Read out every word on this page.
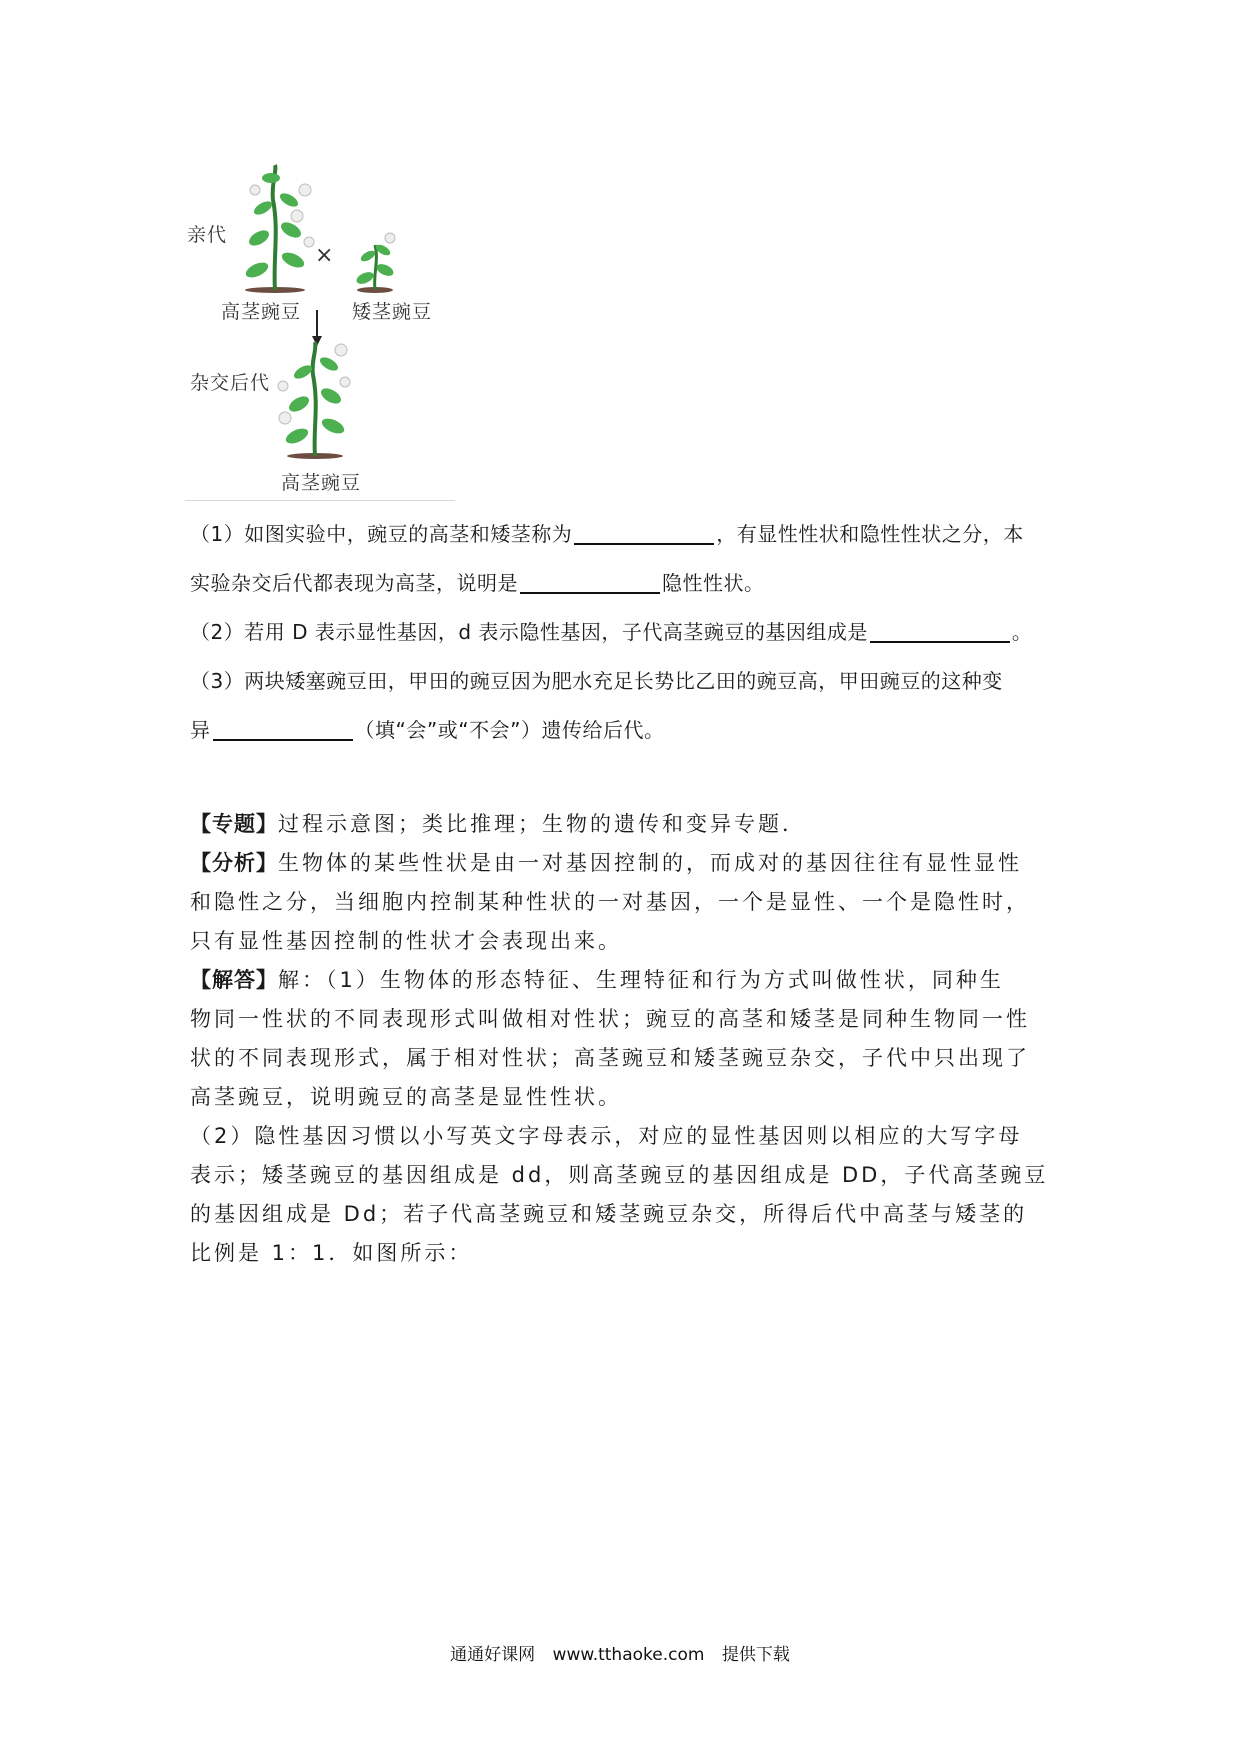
亲代
×
高茎豌豆	矮茎豌豆
杂交后代
高茎豌豆

（1）如图实验中，豌豆的高茎和矮茎称为	，有显性性状和隐性性状之分，本

实验杂交后代都表现为高茎，说明是	隐性性状。

（2）若用 D 表示显性基因，d 表示隐性基因，子代高茎豌豆的基因组成是	。

（3）两块矮塞豌豆田，甲田的豌豆因为肥水充足长势比乙田的豌豆高，甲田豌豆的这种变

异	（填“会”或“不会”）遗传给后代。

【专题】过程示意图；类比推理；生物的遗传和变异专题．

【分析】生物体的某些性状是由一对基因控制的，而成对的基因往往有显性显性

和隐性之分，当细胞内控制某种性状的一对基因，一个是显性、一个是隐性时，

只有显性基因控制的性状才会表现出来。

【解答】解：（1）生物体的形态特征、生理特征和行为方式叫做性状，同种生

物同一性状的不同表现形式叫做相对性状；豌豆的高茎和矮茎是同种生物同一性

状的不同表现形式，属于相对性状；高茎豌豆和矮茎豌豆杂交，子代中只出现了

高茎豌豆，说明豌豆的高茎是显性性状。

（2）隐性基因习惯以小写英文字母表示，对应的显性基因则以相应的大写字母

表示；矮茎豌豆的基因组成是 dd，则高茎豌豆的基因组成是 DD，子代高茎豌豆

的基因组成是 Dd；若子代高茎豌豆和矮茎豌豆杂交，所得后代中高茎与矮茎的

比例是 1：1．如图所示：

通通好课网 www.tthaoke.com 提供下载
